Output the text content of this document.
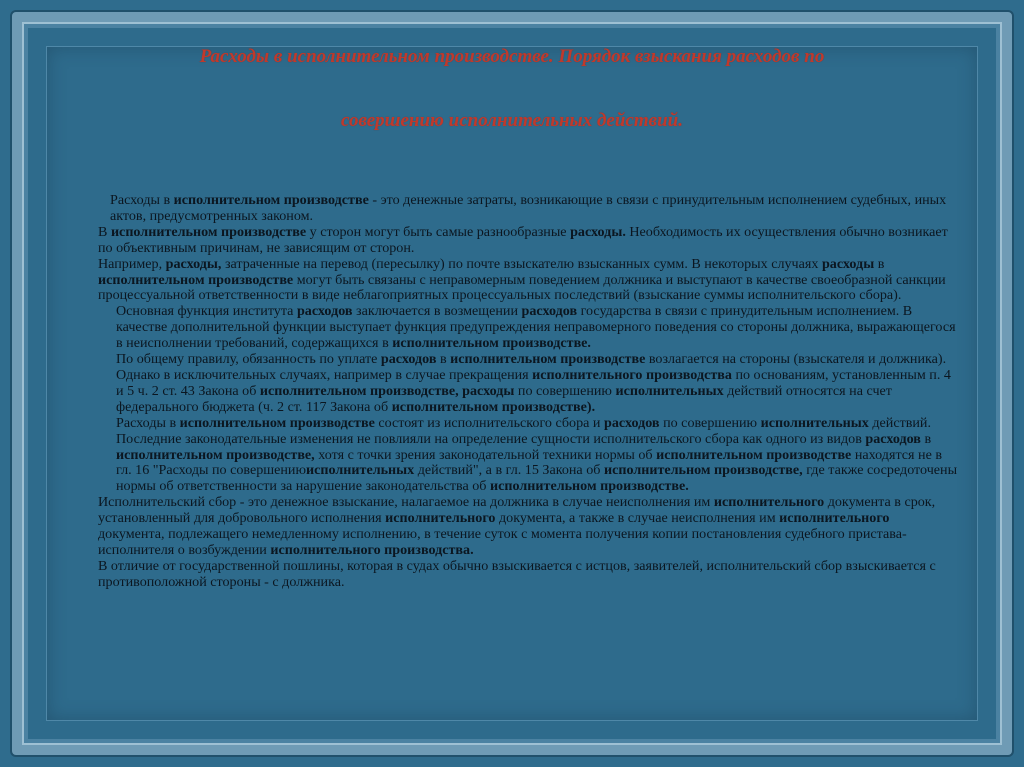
Расходы в исполнительном производстве. Порядок взыскания расходов по
совершению исполнительных действий.

Расходы в исполнительном производстве - это денежные затраты, возникающие в связи с принудительным исполнением судебных, иных актов, предусмотренных законом.

В исполнительном производстве у сторон могут быть самые разнообразные расходы. Необходимость их осуществления обычно возникает по объективным причинам, не зависящим от сторон.

Например, расходы, затраченные на перевод (пересылку) по почте взыскателю взысканных сумм. В некоторых случаях расходы в исполнительном производстве могут быть связаны с неправомерным поведением должника и выступают в качестве своеобразной санкции процессуальной ответственности в виде неблагоприятных процессуальных последствий (взыскание суммы исполнительского сбора).

Основная функция института расходов заключается в возмещении расходов государства в связи с принудительным исполнением. В качестве дополнительной функции выступает функция предупреждения неправомерного поведения со стороны должника, выражающегося в неисполнении требований, содержащихся в исполнительном производстве.

По общему правилу, обязанность по уплате расходов в исполнительном производстве возлагается на стороны (взыскателя и должника).

Однако в исключительных случаях, например в случае прекращения исполнительного производства по основаниям, установленным п. 4 и 5 ч. 2 ст. 43 Закона об исполнительном производстве, расходы по совершению исполнительных действий относятся на счет федерального бюджета (ч. 2 ст. 117 Закона об исполнительном производстве).

Расходы в исполнительном производстве состоят из исполнительского сбора и расходов по совершению исполнительных действий. Последние законодательные изменения не повлияли на определение сущности исполнительского сбора как одного из видов расходов в исполнительном производстве, хотя с точки зрения законодательной техники нормы об исполнительном производстве находятся не в гл. 16 "Расходы по совершениюисполнительных действий", а в гл. 15 Закона об исполнительном производстве, где также сосредоточены нормы об ответственности за нарушение законодательства об исполнительном производстве.

Исполнительский сбор - это денежное взыскание, налагаемое на должника в случае неисполнения им исполнительного документа в срок, установленный для добровольного исполнения исполнительного документа, а также в случае неисполнения им исполнительного документа, подлежащего немедленному исполнению, в течение суток с момента получения копии постановления судебного пристава-исполнителя о возбуждении исполнительного производства.

В отличие от государственной пошлины, которая в судах обычно взыскивается с истцов, заявителей, исполнительский сбор взыскивается с противоположной стороны - с должника.
